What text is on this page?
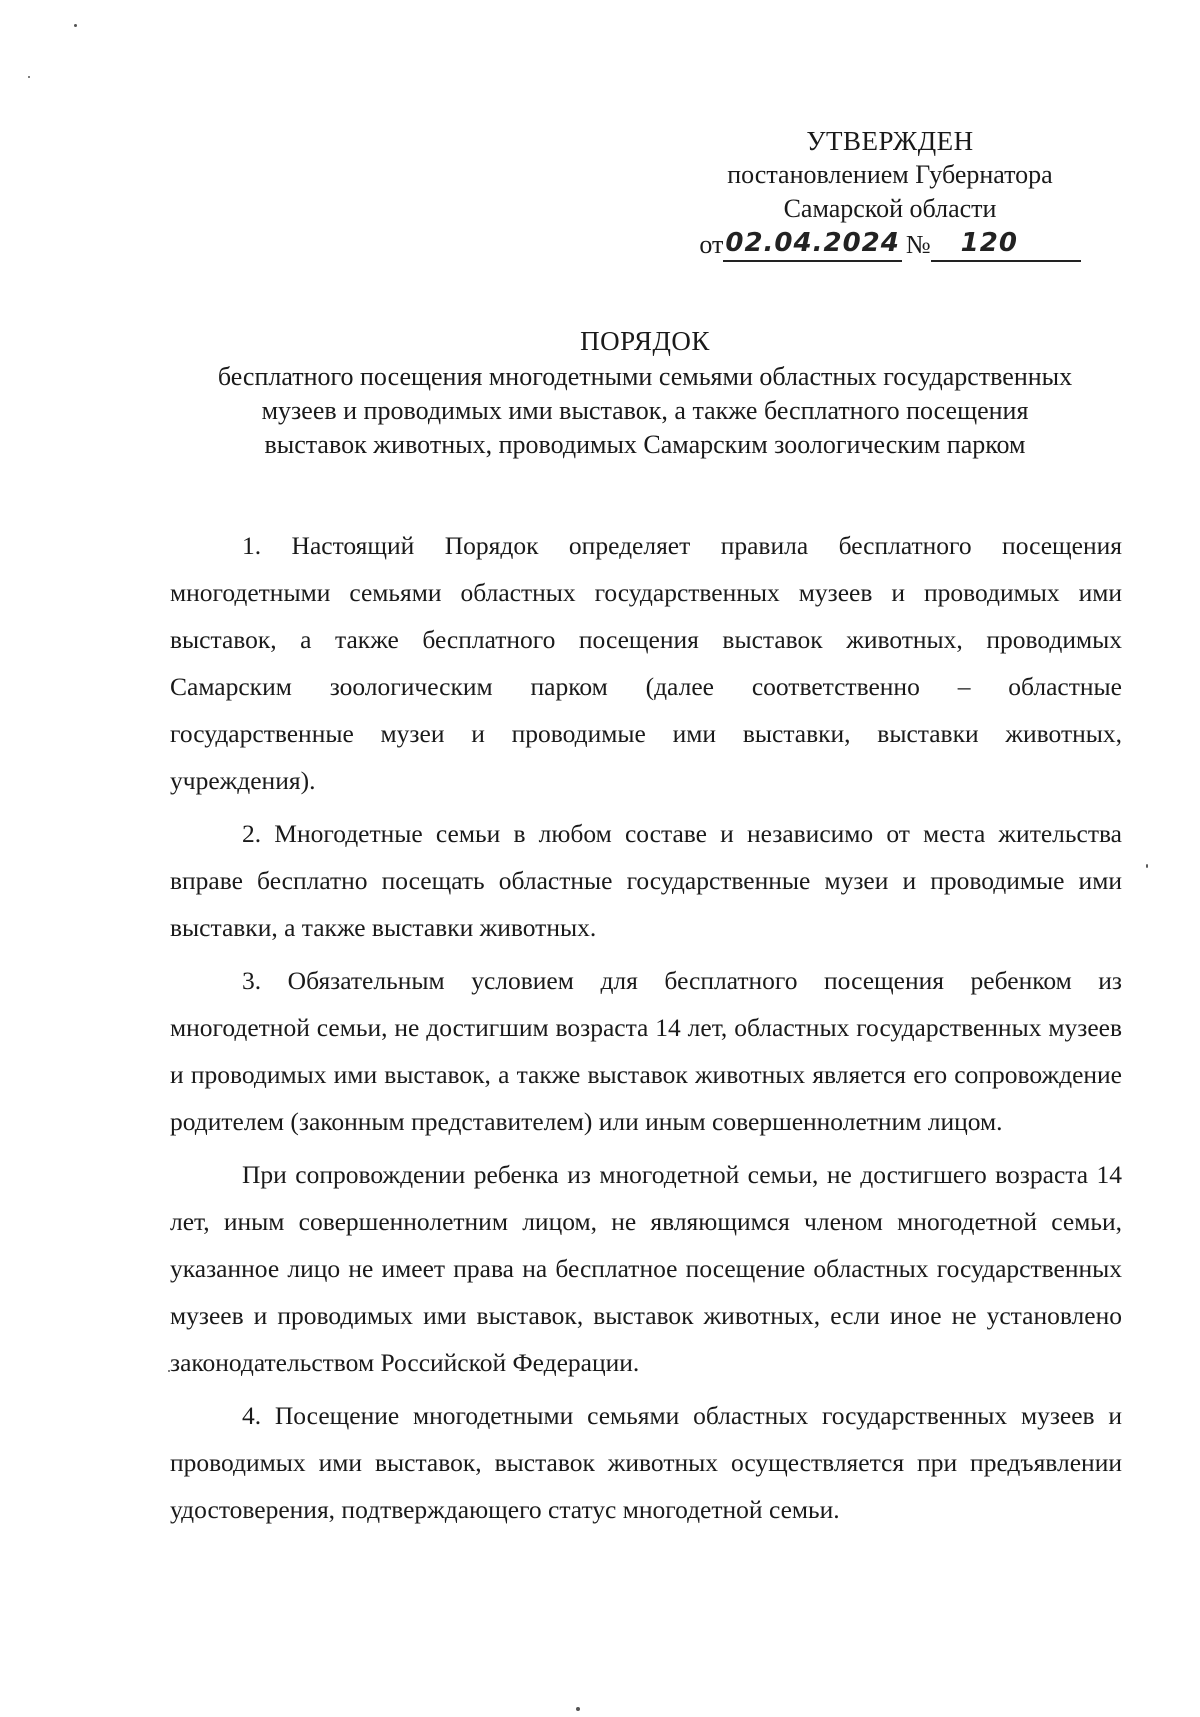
УТВЕРЖДЕН
постановлением Губернатора
Самарской области
от 02.04.2024 №	120
ПОРЯДОК
бесплатного посещения многодетными семьями областных государственных
музеев и проводимых ими выставок, а также бесплатного посещения
выставок животных, проводимых Самарским зоологическим парком

1. Настоящий Порядок определяет правила бесплатного посещения многодетными семьями областных государственных музеев и проводимых ими выставок, а также бесплатного посещения выставок животных, проводимых Самарским зоологическим парком (далее соответственно – областные государственные музеи и проводимые ими выставки, выставки животных, учреждения).

2. Многодетные семьи в любом составе и независимо от места жительства вправе бесплатно посещать областные государственные музеи и проводимые ими выставки, а также выставки животных.

3. Обязательным условием для бесплатного посещения ребенком из многодетной семьи, не достигшим возраста 14 лет, областных государственных музеев и проводимых ими выставок, а также выставок животных является его сопровождение родителем (законным представителем) или иным совершеннолетним лицом.

При сопровождении ребенка из многодетной семьи, не достигшего возраста 14 лет, иным совершеннолетним лицом, не являющимся членом многодетной семьи, указанное лицо не имеет права на бесплатное посещение областных государственных музеев и проводимых ими выставок, выставок животных, если иное не установлено законодательством Российской Федерации.

4. Посещение многодетными семьями областных государственных музеев и проводимых ими выставок, выставок животных осуществляется при предъявлении удостоверения, подтверждающего статус многодетной семьи.
